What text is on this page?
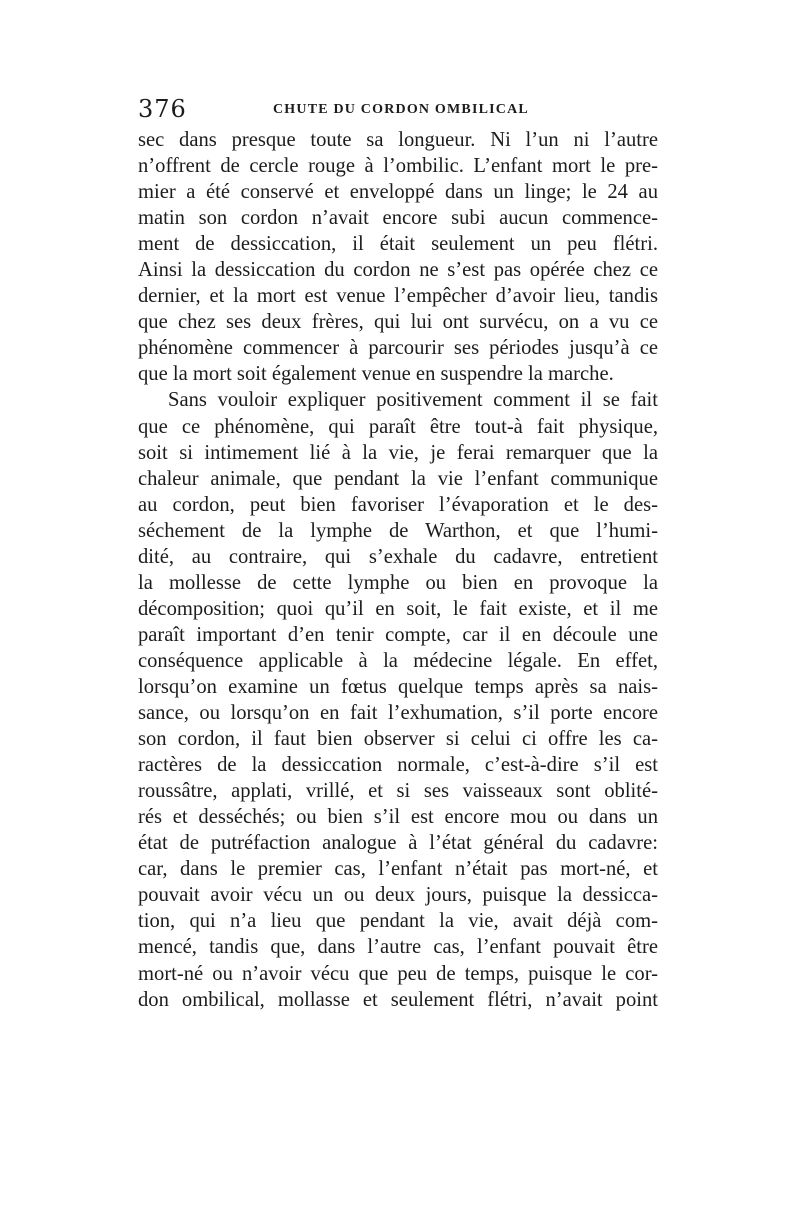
376	CHUTE DU CORDON OMBILICAL
sec dans presque toute sa longueur. Ni l’un ni l’autre
n’offrent de cercle rouge à l’ombilic. L’enfant mort le pre-
mier a été conservé et enveloppé dans un linge; le 24 au
matin son cordon n’avait encore subi aucun commence-
ment de dessiccation, il était seulement un peu flétri.
Ainsi la dessiccation du cordon ne s’est pas opérée chez ce
dernier, et la mort est venue l’empêcher d’avoir lieu, tandis
que chez ses deux frères, qui lui ont survécu, on a vu ce
phénomène commencer à parcourir ses périodes jusqu’à ce
que la mort soit également venue en suspendre la marche.
Sans vouloir expliquer positivement comment il se fait
que ce phénomène, qui paraît être tout-à fait physique,
soit si intimement lié à la vie, je ferai remarquer que la
chaleur animale, que pendant la vie l’enfant communique
au cordon, peut bien favoriser l’évaporation et le des-
séchement de la lymphe de Warthon, et que l’humi-
dité, au contraire, qui s’exhale du cadavre, entretient
la mollesse de cette lymphe ou bien en provoque la
décomposition; quoi qu’il en soit, le fait existe, et il me
paraît important d’en tenir compte, car il en découle une
conséquence applicable à la médecine légale. En effet,
lorsqu’on examine un fœtus quelque temps après sa nais-
sance, ou lorsqu’on en fait l’exhumation, s’il porte encore
son cordon, il faut bien observer si celui ci offre les ca-
ractères de la dessiccation normale, c’est-à-dire s’il est
roussâtre, applati, vrillé, et si ses vaisseaux sont oblité-
rés et desséchés; ou bien s’il est encore mou ou dans un
état de putréfaction analogue à l’état général du cadavre:
car, dans le premier cas, l’enfant n’était pas mort-né, et
pouvait avoir vécu un ou deux jours, puisque la dessicca-
tion, qui n’a lieu que pendant la vie, avait déjà com-
mencé, tandis que, dans l’autre cas, l’enfant pouvait être
mort-né ou n’avoir vécu que peu de temps, puisque le cor-
don ombilical, mollasse et seulement flétri, n’avait point
